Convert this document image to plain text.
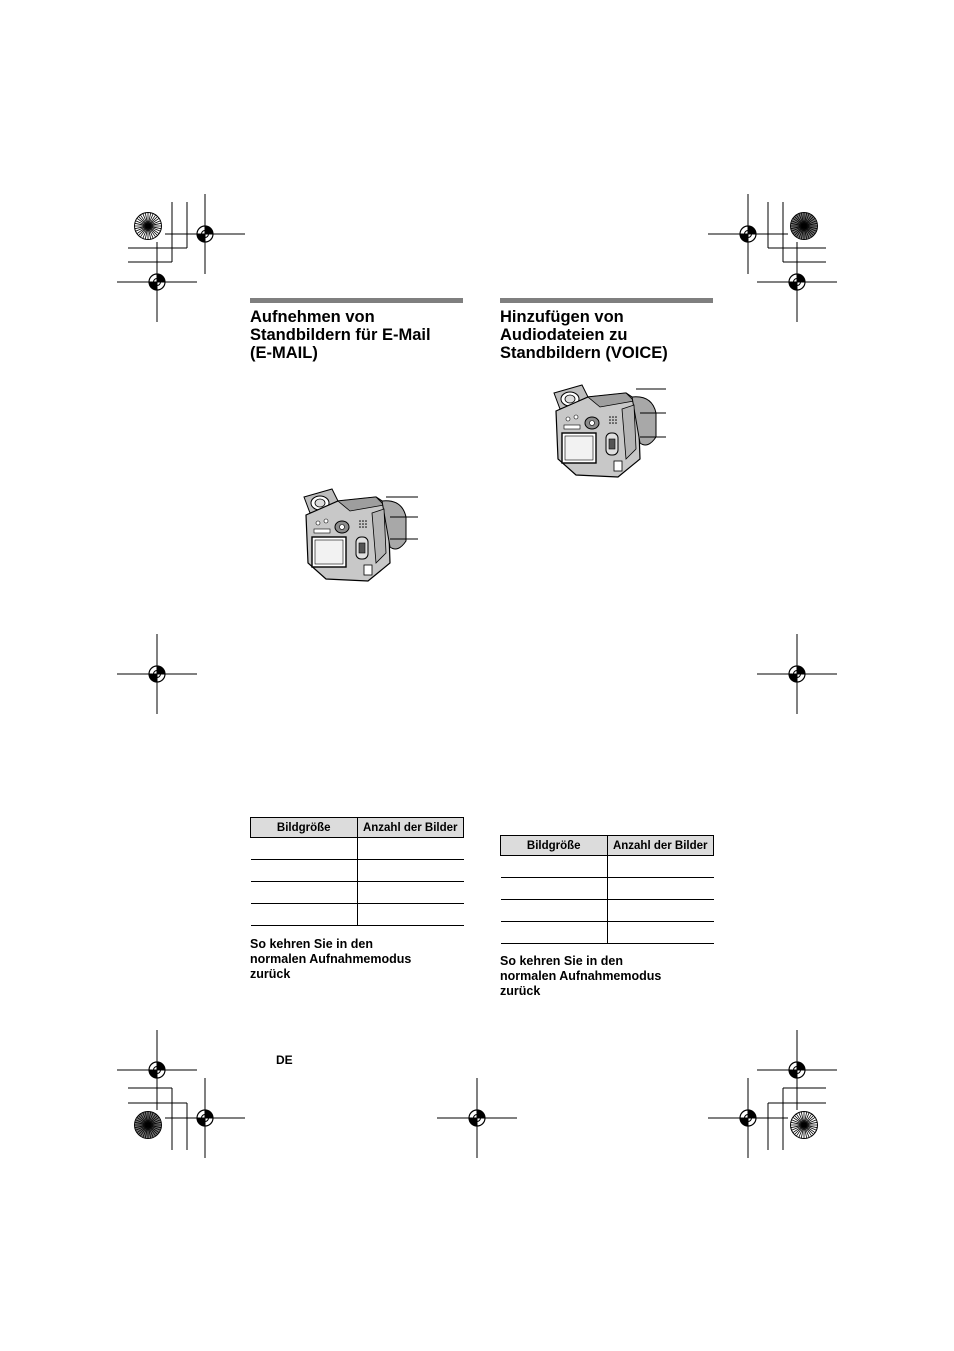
Aufnehmen von
Standbildern für E-Mail
(E-MAIL)
Bildgröße	Anzahl der Bilder

So kehren Sie in den
normalen Aufnahmemodus
zurück

DE
Hinzufügen von
Audiodateien zu
Standbildern (VOICE)
Bildgröße	Anzahl der Bilder

So kehren Sie in den
normalen Aufnahmemodus
zurück
